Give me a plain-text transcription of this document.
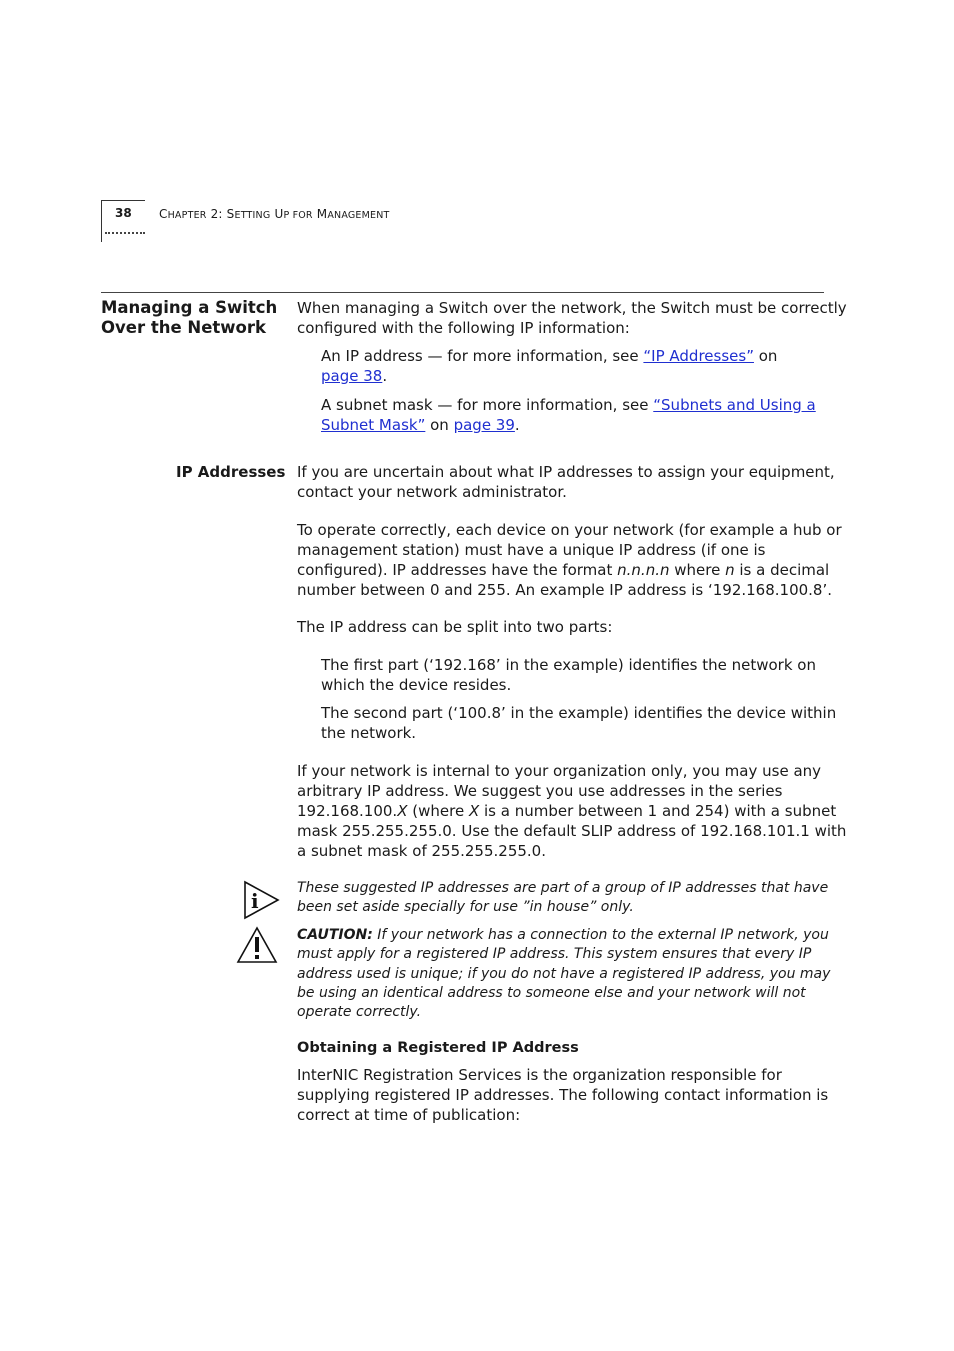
38 CHAPTER 2: SETTING UP FOR MANAGEMENT
Managing a Switch
Over the Network
When managing a Switch over the network, the Switch must be correctly
configured with the following IP information:
An IP address — for more information, see “IP Addresses” on
page 38.
A subnet mask — for more information, see “Subnets and Using a
Subnet Mask” on page 39.
IP Addresses If you are uncertain about what IP addresses to assign your equipment,
contact your network administrator.
To operate correctly, each device on your network (for example a hub or
management station) must have a unique IP address (if one is
configured). IP addresses have the format n.n.n.n where n is a decimal
number between 0 and 255. An example IP address is ‘192.168.100.8’.
The IP address can be split into two parts:
The first part (‘192.168’ in the example) identifies the network on
which the device resides.
The second part (‘100.8’ in the example) identifies the device within
the network.
If your network is internal to your organization only, you may use any
arbitrary IP address. We suggest you use addresses in the series
192.168.100.X (where X is a number between 1 and 254) with a subnet
mask 255.255.255.0. Use the default SLIP address of 192.168.101.1 with
a subnet mask of 255.255.255.0.
i
These suggested IP addresses are part of a group of IP addresses that have
been set aside specially for use ”in house” only.
CAUTION: If your network has a connection to the external IP network, you
must apply for a registered IP address. This system ensures that every IP
address used is unique; if you do not have a registered IP address, you may
be using an identical address to someone else and your network will not
operate correctly.
Obtaining a Registered IP Address
InterNIC Registration Services is the organization responsible for
supplying registered IP addresses. The following contact information is
correct at time of publication:
